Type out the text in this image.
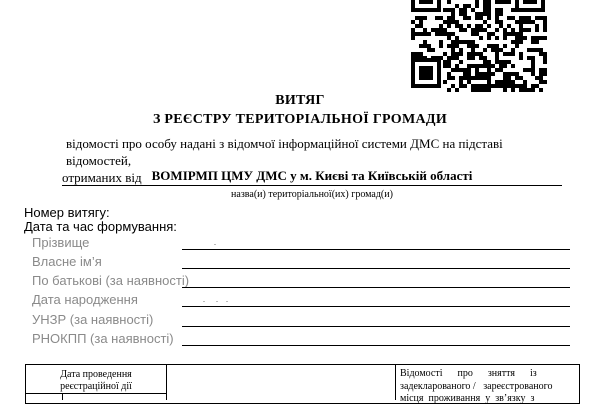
ВИТЯГ
З РЕЄСТРУ ТЕРИТОРІАЛЬНОЇ ГРОМАДИ
відомості про особу надані з відомчої інформаційної системи ДМС на підставі відомостей,
отриманих від ВОМІРМП ЦМУ ДМС у м. Києві та Київській області
назва(и) територіальної(их) громад(и)
Номер витягу:
Дата та час формування:
Прізвище
Власне ім’я
По батькові (за наявності)
Дата народження
УНЗР (за наявності)
РНОКПП (за наявності)
Дата проведення
реєстраційної дії
Відомості      про      зняття      із
задекларованого /   зареєстрованого
місця  проживання  у  зв’язку  з
